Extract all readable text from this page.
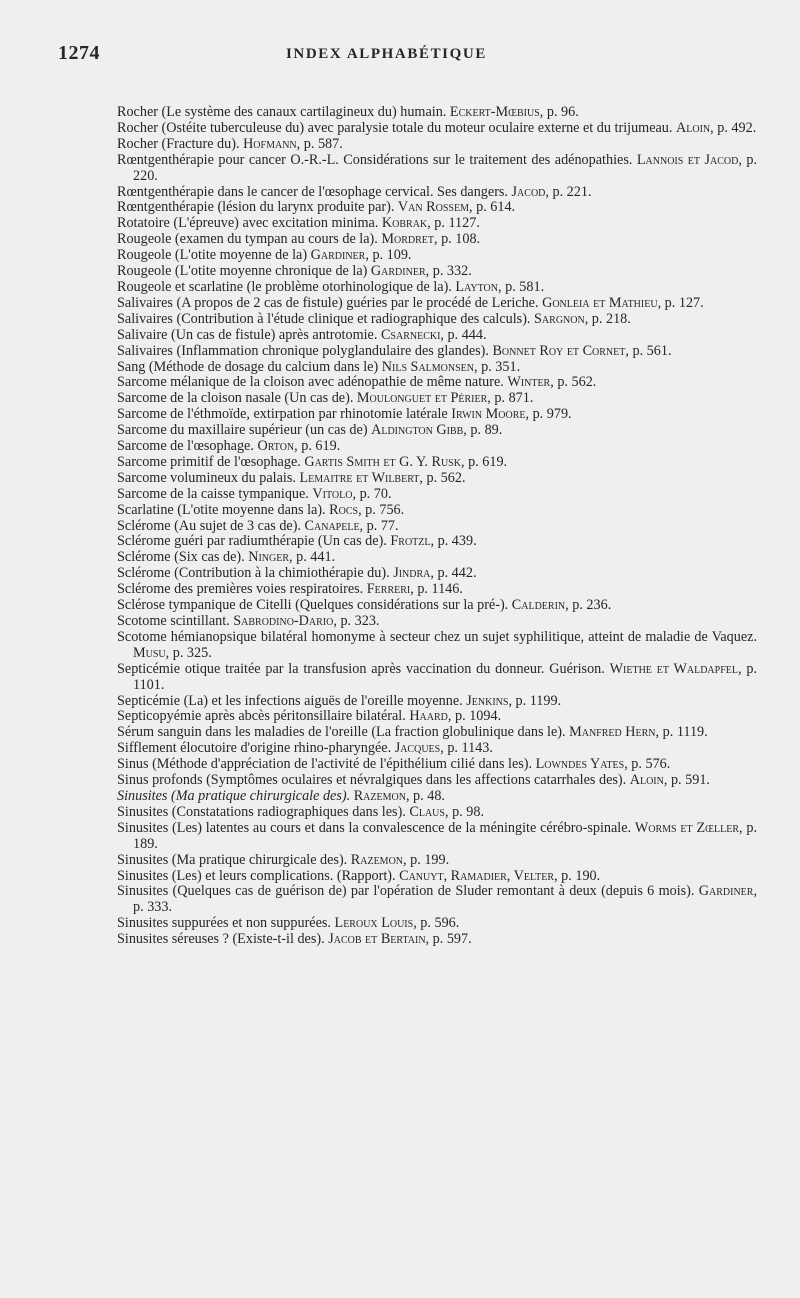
1274	INDEX ALPHABÉTIQUE

Rocher (Le système des canaux cartilagineux du) humain. Eckert-Mœbius, p. 96.

Rocher (Ostéite tuberculeuse du) avec paralysie totale du moteur oculaire externe et du trijumeau. Aloin, p. 492.

Rocher (Fracture du). Hofmann, p. 587.

Rœntgenthérapie pour cancer O.-R.-L. Considérations sur le traitement des adénopathies. Lannois et Jacod, p. 220.

Rœntgenthérapie dans le cancer de l'œsophage cervical. Ses dangers. Jacod, p. 221.

Rœntgenthérapie (lésion du larynx produite par). Van Rossem, p. 614.

Rotatoire (L'épreuve) avec excitation minima. Kobrak, p. 1127.

Rougeole (examen du tympan au cours de la). Mordret, p. 108.

Rougeole (L'otite moyenne de la) Gardiner, p. 109.

Rougeole (L'otite moyenne chronique de la) Gardiner, p. 332.

Rougeole et scarlatine (le problème otorhinologique de la). Layton, p. 581.

Salivaires (A propos de 2 cas de fistule) guéries par le procédé de Leriche. Gonleia et Mathieu, p. 127.

Salivaires (Contribution à l'étude clinique et radiographique des calculs). Sargnon, p. 218.

Salivaire (Un cas de fistule) après antrotomie. Csarnecki, p. 444.

Salivaires (Inflammation chronique polyglandulaire des glandes). Bonnet Roy et Cornet, p. 561.

Sang (Méthode de dosage du calcium dans le) Nils Salmonsen, p. 351.

Sarcome mélanique de la cloison avec adénopathie de même nature. Winter, p. 562.

Sarcome de la cloison nasale (Un cas de). Moulonguet et Périer, p. 871.

Sarcome de l'éthmoïde, extirpation par rhinotomie latérale Irwin Moore, p. 979.

Sarcome du maxillaire supérieur (un cas de) Aldington Gibb, p. 89.

Sarcome de l'œsophage. Orton, p. 619.

Sarcome primitif de l'œsophage. Gartis Smith et G. Y. Rusk, p. 619.

Sarcome volumineux du palais. Lemaitre et Wilbert, p. 562.

Sarcome de la caisse tympanique. Vitolo, p. 70.

Scarlatine (L'otite moyenne dans la). Rocs, p. 756.

Sclérome (Au sujet de 3 cas de). Canapele, p. 77.

Sclérome guéri par radiumthérapie (Un cas de). Frotzl, p. 439.

Sclérome (Six cas de). Ninger, p. 441.

Sclérome (Contribution à la chimiothérapie du). Jindra, p. 442.

Sclérome des premières voies respiratoires. Ferreri, p. 1146.

Sclérose tympanique de Citelli (Quelques considérations sur la pré-). Calderin, p. 236.

Scotome scintillant. Sabrodino-Dario, p. 323.

Scotome hémianopsique bilatéral homonyme à secteur chez un sujet syphilitique, atteint de maladie de Vaquez. Musu, p. 325.

Septicémie otique traitée par la transfusion après vaccination du donneur. Guérison. Wiethe et Waldapfel, p. 1101.

Septicémie (La) et les infections aiguës de l'oreille moyenne. Jenkins, p. 1199.

Septicopyémie après abcès péritonsillaire bilatéral. Haard, p. 1094.

Sérum sanguin dans les maladies de l'oreille (La fraction globulinique dans le). Manfred Hern, p. 1119.

Sifflement élocutoire d'origine rhino-pharyngée. Jacques, p. 1143.

Sinus (Méthode d'appréciation de l'activité de l'épithélium cilié dans les). Lowndes Yates, p. 576.

Sinus profonds (Symptômes oculaires et névralgiques dans les affections catarrhales des). Aloin, p. 591.

Sinusites (Ma pratique chirurgicale des). Razemon, p. 48.

Sinusites (Constatations radiographiques dans les). Claus, p. 98.

Sinusites (Les) latentes au cours et dans la convalescence de la méningite cérébro-spinale. Worms et Zœller, p. 189.

Sinusites (Ma pratique chirurgicale des). Razemon, p. 199.

Sinusites (Les) et leurs complications. (Rapport). Canuyt, Ramadier, Velter, p. 190.

Sinusites (Quelques cas de guérison de) par l'opération de Sluder remontant à deux (depuis 6 mois). Gardiner, p. 333.

Sinusites suppurées et non suppurées. Leroux Louis, p. 596.

Sinusites séreuses ? (Existe-t-il des). Jacob et Bertain, p. 597.
